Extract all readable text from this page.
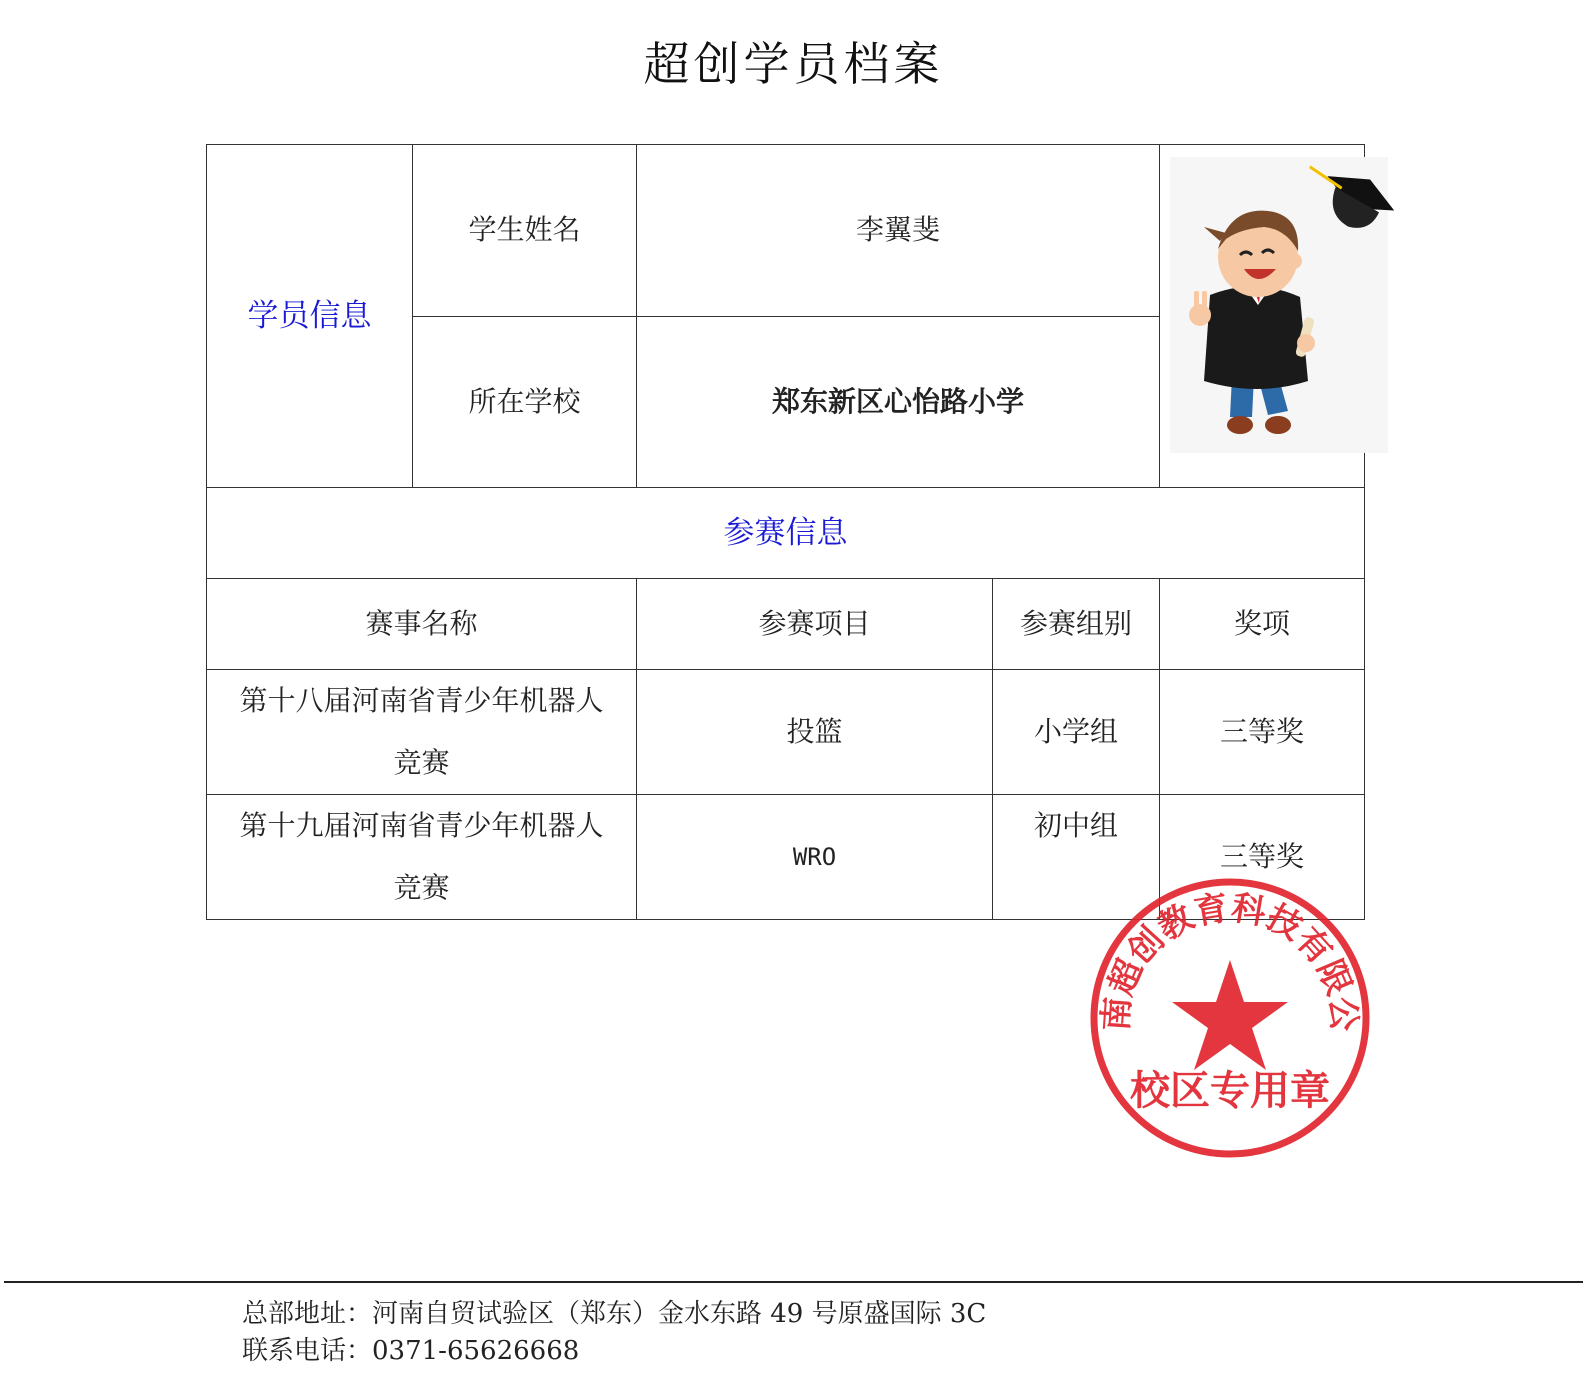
超创学员档案
学员信息	学生姓名	李翼斐	
	所在学校	郑东新区心怡路小学		
参赛信息				
赛事名称		参赛项目	参赛组别	奖项
第十八届河南省青少年机器人竞赛		投篮	小学组	三等奖
第十九届河南省青少年机器人竞赛		WRO	初中组	三等奖
南超创教育科技有限公
校区专用章
总部地址：河南自贸试验区（郑东）金水东路 49 号原盛国际 3C
联系电话：0371-65626668
